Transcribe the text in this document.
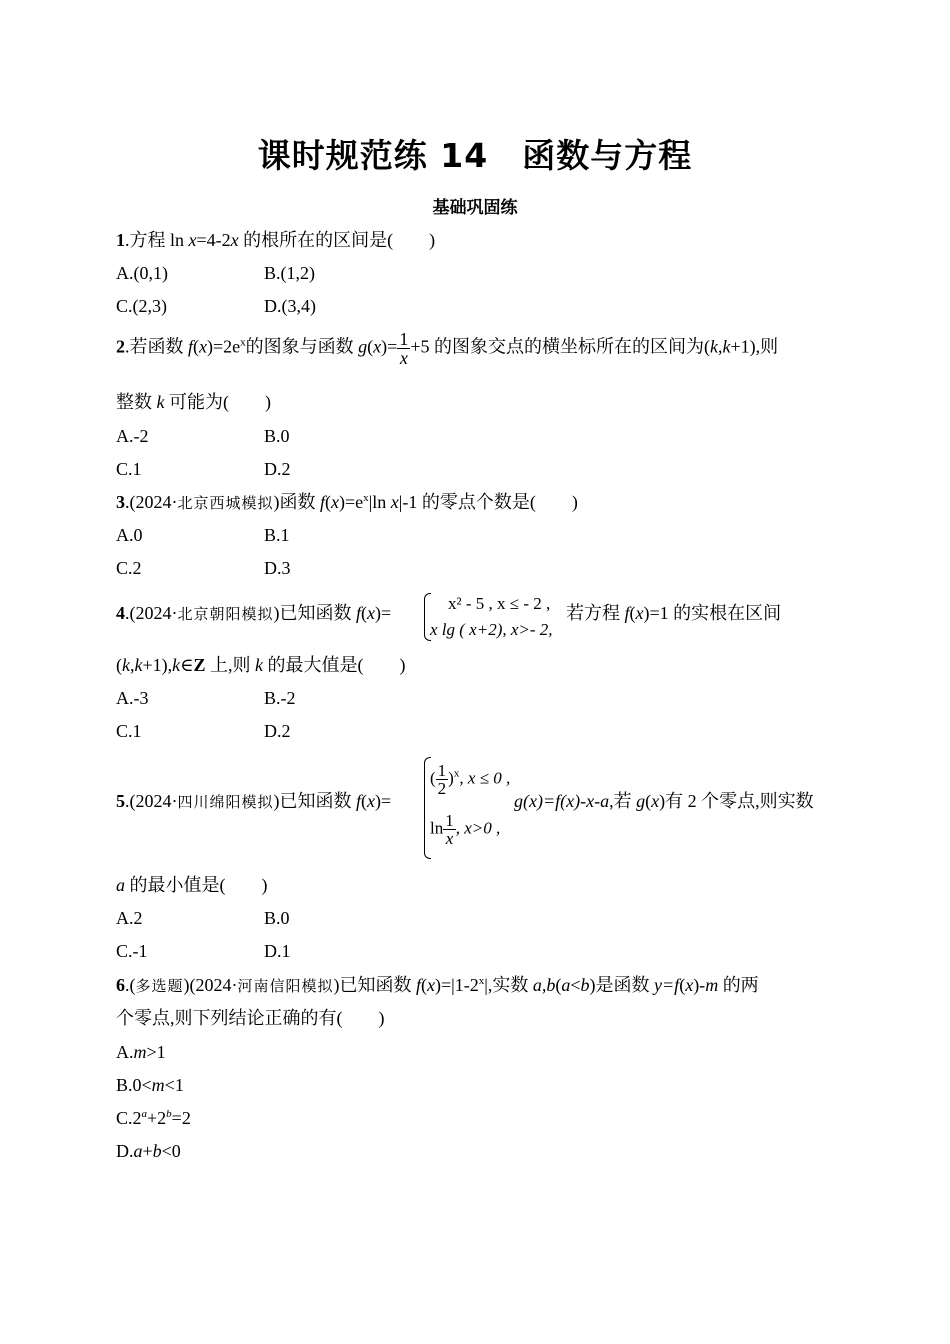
课时规范练 14　函数与方程
基础巩固练
1.方程 ln x=4-2x 的根所在的区间是(　　)
A.(0,1)	B.(1,2)
C.(2,3)	D.(3,4)
2.若函数 $f(x)=2e^x$的图象与函数 $g(x)= \frac{1}{x} +5$ 的图象交点的横坐标所在的区间为(k,k+1),则
整数 k 可能为(　　)
A.-2	B.0
C.1	D.2
3.(2024·北京西城模拟)函数 $f(x)=e^x|\ln$ x|-1 的零点个数是(　　)
A.0	B.1
C.2	D.3
4.(2024·北京朝阳模拟)已知函数 f(x)=	x² - 5 , x ≤ - 2 ,
x lg ( x+2), x>- 2,
若方程 f(x)=1 的实根在区间
(k,k+1),k∈Z 上,则 k 的最大值是(　　)
A.-3	B.-2
C.1	D.2
5.(2024·四川绵阳模拟)已知函数 f(x)=
( $\frac{1}{2} )^x$, x ≤ 0 ,
$\ln \frac{1}{x}$ , x>0 ,
g(x)=f(x)-x-a,若 g(x)有 2 个零点,则实数
a 的最小值是(　　)
A.2	B.0
C.-1	D.1
6.(多选题)(2024·河南信阳模拟)已知函数 $f(x)=|1-2^x|$,实数 a,b(a<b)是函数 y=f(x)-m 的两
个零点,则下列结论正确的有(　　)
A.m>1
B.0<m<1
$C.2^a+2^b=2$
D.a+b<0
